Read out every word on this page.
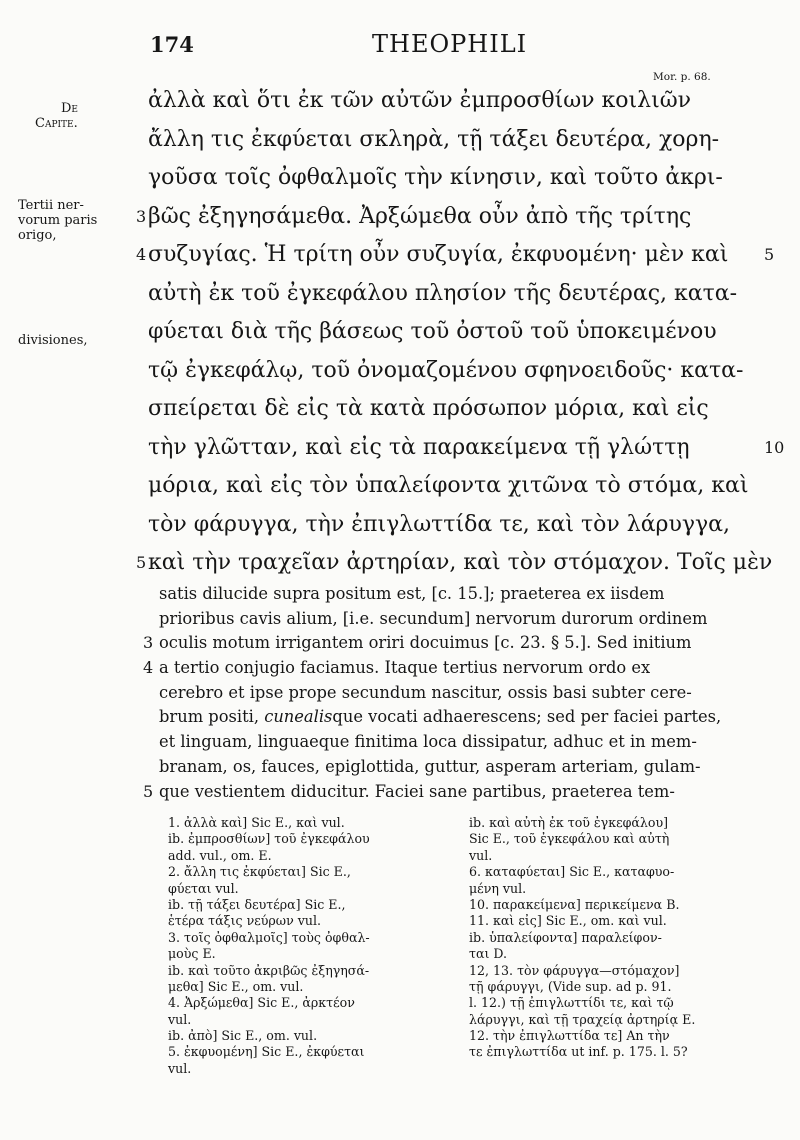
174	THEOPHILI
Mor. p. 68.
De
Capite.
Tertii ner-
vorum paris
origo,
divisiones,
ἀλλὰ καὶ ὅτι ἐκ τῶν αὐτῶν ἐμπροσθίων κοιλιῶν
ἄλλη τις ἐκφύεται σκληρὰ, τῇ τάξει δευτέρα, χορη-
γοῦσα τοῖς ὀφθαλμοῖς τὴν κίνησιν, καὶ τοῦτο ἀκρι-
3 βῶς ἐξηγησάμεθα. Ἀρξώμεθα οὖν ἀπὸ τῆς τρίτης
4 συζυγίας. Ἡ τρίτη οὖν συζυγία, ἐκφυομένη· μὲν καὶ 5
αὐτὴ ἐκ τοῦ ἐγκεφάλου πλησίον τῆς δευτέρας, κατα-
φύεται διὰ τῆς βάσεως τοῦ ὀστοῦ τοῦ ὑποκειμένου
τῷ ἐγκεφάλῳ, τοῦ ὀνομαζομένου σφηνοειδοῦς· κατα-
σπείρεται δὲ εἰς τὰ κατὰ πρόσωπον μόρια, καὶ εἰς
τὴν γλῶτταν, καὶ εἰς τὰ παρακείμενα τῇ γλώττῃ	10
μόρια, καὶ εἰς τὸν ὑπαλείφοντα χιτῶνα τὸ στόμα, καὶ
τὸν φάρυγγα, τὴν ἐπιγλωττίδα τε, καὶ τὸν λάρυγγα,
5 καὶ τὴν τραχεῖαν ἀρτηρίαν, καὶ τὸν στόμαχον. Τοῖς μὲν
satis dilucide supra positum est, [c. 15.]; praeterea ex iisdem
prioribus cavis alium, [i.e. secundum] nervorum durorum ordinem
3 oculis motum irrigantem oriri docuimus [c. 23. § 5.]. Sed initium
4 a tertio conjugio faciamus. Itaque tertius nervorum ordo ex
cerebro et ipse prope secundum nascitur, ossis basi subter cere-
brum positi, cunealisque vocati adhaerescens; sed per faciei partes,
et linguam, linguaeque finitima loca dissipatur, adhuc et in mem-
branam, os, fauces, epiglottida, guttur, asperam arteriam, gulam-
5 que vestientem diducitur. Faciei sane partibus, praeterea tem-
1. ἀλλὰ καὶ] Sic E., καὶ vul.
ib. ἐμπροσθίων] τοῦ ἐγκεφάλου
add. vul., om. E.
2. ἄλλη τις ἐκφύεται] Sic E.,
φύεται vul.
ib. τῇ τάξει δευτέρα] Sic E.,
ἑτέρα τάξις νεύρων vul.
3. τοῖς ὀφθαλμοῖς] τοὺς ὀφθαλ-
μοὺς E.
ib. καὶ τοῦτο ἀκριβῶς ἐξηγησά-
μεθα] Sic E., om. vul.
4. Ἀρξώμεθα] Sic E., ἀρκτέον
vul.
ib. ἀπὸ] Sic E., om. vul.
5. ἐκφυομένη] Sic E., ἐκφύεται
vul.
ib. καὶ αὐτὴ ἐκ τοῦ ἐγκεφάλου]
Sic E., τοῦ ἐγκεφάλου καὶ αὐτὴ
vul.
6. καταφύεται] Sic E., καταφυο-
μένη vul.
10. παρακείμενα] περικείμενα B.
11. καὶ εἰς] Sic E., om. καὶ vul.
ib. ὑπαλείφοντα] παραλείφον-
ται D.
12, 13. τὸν φάρυγγα—στόμαχον]
τῇ φάρυγγι, (Vide sup. ad p. 91.
l. 12.) τῇ ἐπιγλωττίδι τε, καὶ τῷ
λάρυγγι, καὶ τῇ τραχείᾳ ἀρτηρίᾳ E.
12. τὴν ἐπιγλωττίδα τε] An τὴν
τε ἐπιγλωττίδα ut inf. p. 175. l. 5?
